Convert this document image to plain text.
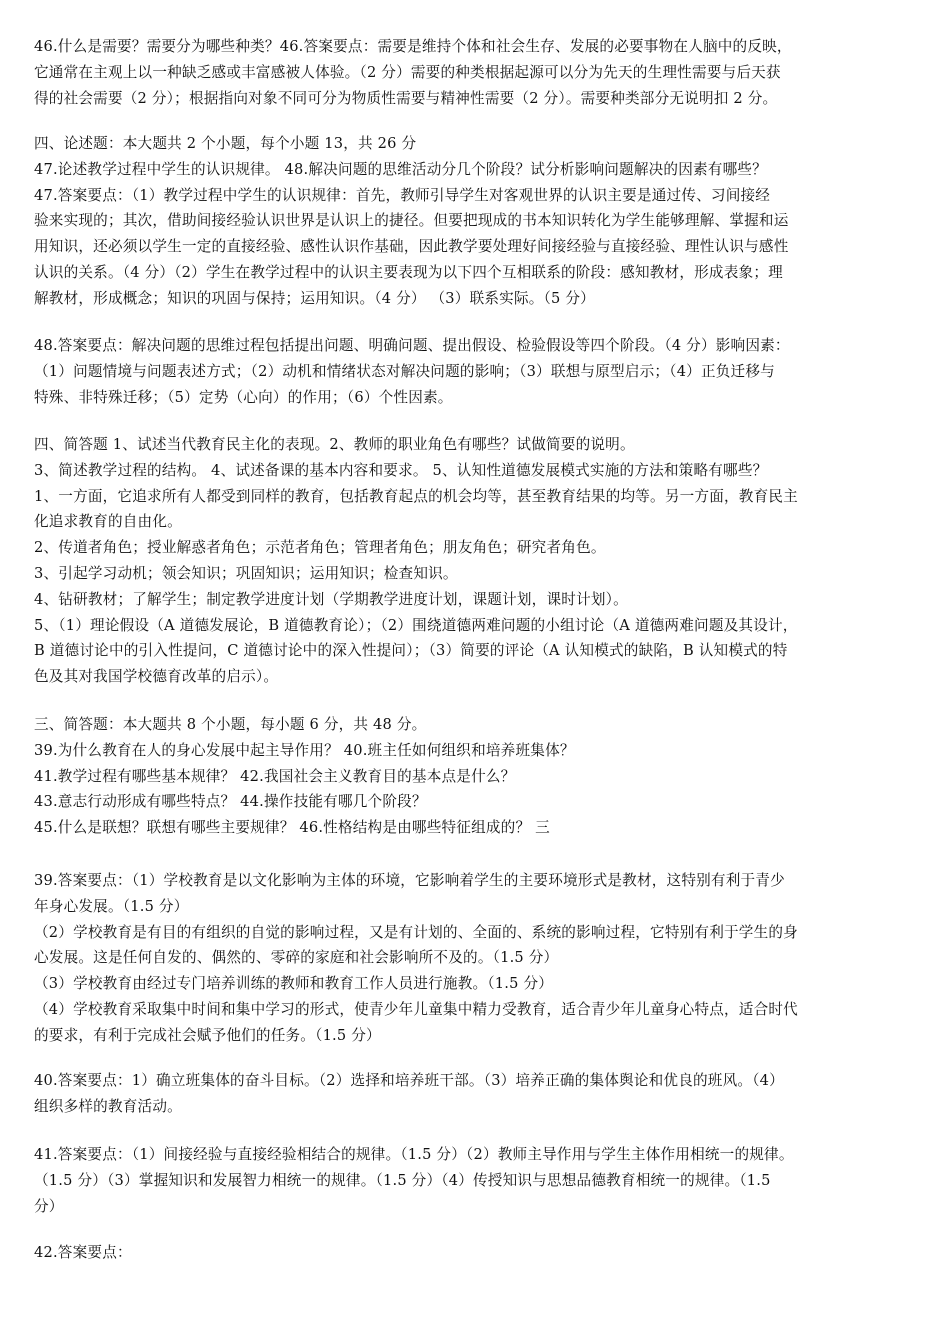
46.什么是需要？需要分为哪些种类？46.答案要点：需要是维持个体和社会生存、发展的必要事物在人脑中的反映，

它通常在主观上以一种缺乏感或丰富感被人体验。（2 分）需要的种类根据起源可以分为先天的生理性需要与后天获

得的社会需要（2 分）；根据指向对象不同可分为物质性需要与精神性需要（2 分）。需要种类部分无说明扣 2 分。

四、论述题：本大题共 2 个小题，每个小题 13，共 26 分

47.论述教学过程中学生的认识规律。 48.解决问题的思维活动分几个阶段？试分析影响问题解决的因素有哪些？

47.答案要点：（1）教学过程中学生的认识规律：首先，教师引导学生对客观世界的认识主要是通过传、习间接经

验来实现的；其次，借助间接经验认识世界是认识上的捷径。但要把现成的书本知识转化为学生能够理解、掌握和运

用知识，还必须以学生一定的直接经验、感性认识作基础，因此教学要处理好间接经验与直接经验、理性认识与感性

认识的关系。（4 分）（2）学生在教学过程中的认识主要表现为以下四个互相联系的阶段：感知教材，形成表象；理

解教材，形成概念；知识的巩固与保持；运用知识。（4 分） （3）联系实际。（5 分）

48.答案要点：解决问题的思维过程包括提出问题、明确问题、提出假设、检验假设等四个阶段。（4 分）影响因素：

（1）问题情境与问题表述方式；（2）动机和情绪状态对解决问题的影响；（3）联想与原型启示；（4）正负迁移与

特殊、非特殊迁移；（5）定势（心向）的作用；（6）个性因素。

四、简答题 1、试述当代教育民主化的表现。2、教师的职业角色有哪些？试做简要的说明。

3、简述教学过程的结构。 4、试述备课的基本内容和要求。 5、认知性道德发展模式实施的方法和策略有哪些？

1、一方面，它追求所有人都受到同样的教育，包括教育起点的机会均等，甚至教育结果的均等。另一方面，教育民主

化追求教育的自由化。

2、传道者角色；授业解惑者角色；示范者角色；管理者角色；朋友角色；研究者角色。

3、引起学习动机；领会知识；巩固知识；运用知识；检查知识。

4、钻研教材；了解学生；制定教学进度计划（学期教学进度计划，课题计划，课时计划）。

5、（1）理论假设（A 道德发展论，B 道德教育论）；（2）围绕道德两难问题的小组讨论（A 道德两难问题及其设计，

B 道德讨论中的引入性提问，C 道德讨论中的深入性提问）；（3）简要的评论（A 认知模式的缺陷，B 认知模式的特

色及其对我国学校德育改革的启示）。

三、简答题：本大题共 8 个小题，每小题 6 分，共 48 分。

39.为什么教育在人的身心发展中起主导作用？ 40.班主任如何组织和培养班集体？

41.教学过程有哪些基本规律？ 42.我国社会主义教育目的基本点是什么？

43.意志行动形成有哪些特点？ 44.操作技能有哪几个阶段？

45.什么是联想？联想有哪些主要规律？ 46.性格结构是由哪些特征组成的？ 三

39.答案要点：（1）学校教育是以文化影响为主体的环境，它影响着学生的主要环境形式是教材，这特别有利于青少

年身心发展。（1.5 分）

（2）学校教育是有目的有组织的自觉的影响过程，又是有计划的、全面的、系统的影响过程，它特别有利于学生的身

心发展。这是任何自发的、偶然的、零碎的家庭和社会影响所不及的。（1.5 分）

（3）学校教育由经过专门培养训练的教师和教育工作人员进行施教。（1.5 分）

（4）学校教育采取集中时间和集中学习的形式，使青少年儿童集中精力受教育，适合青少年儿童身心特点，适合时代

的要求，有利于完成社会赋予他们的任务。（1.5 分）

40.答案要点：1）确立班集体的奋斗目标。（2）选择和培养班干部。（3）培养正确的集体舆论和优良的班风。（4）

组织多样的教育活动。

41.答案要点：（1）间接经验与直接经验相结合的规律。（1.5 分）（2）教师主导作用与学生主体作用相统一的规律。

（1.5 分）（3）掌握知识和发展智力相统一的规律。（1.5 分）（4）传授知识与思想品德教育相统一的规律。（1.5

分）

42.答案要点：
